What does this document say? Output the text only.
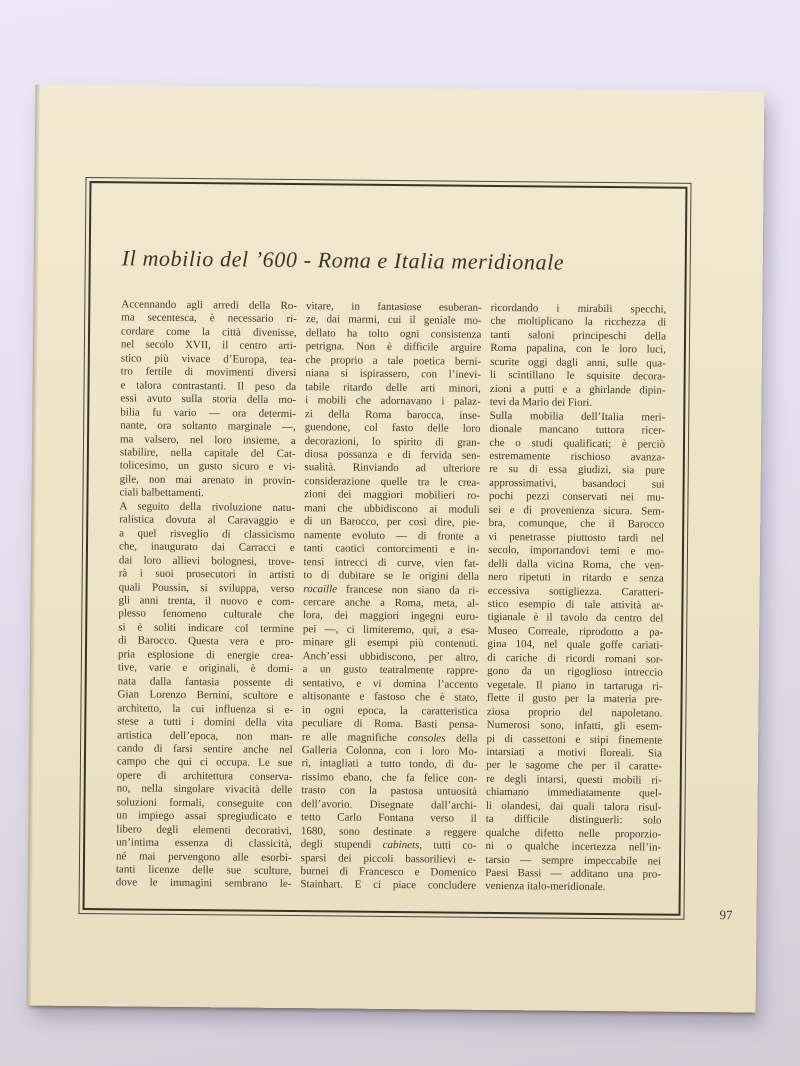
Il mobilio del ’600 - Roma e Italia meridionale
Accennando agli arredi della Ro-
ma secentesca, è necessario ri-
cordare come la città divenisse,
nel secolo XVII, il centro arti-
stico più vivace d’Europa, tea-
tro fertile di movimenti diversi
e talora contrastanti. Il peso da
essi avuto sulla storia della mo-
bilia fu vario — ora determi-
nante, ora soltanto marginale —,
ma valsero, nel loro insieme, a
stabilire, nella capitale del Cat-
tolicesimo, un gusto sicuro e vi-
gile, non mai arenato in provin-
ciali balbettamenti.
A seguito della rivoluzione natu-
ralistica dovuta al Caravaggio e
a quel risveglio di classicismo
che, inaugurato dai Carracci e
dai loro allievi bolognesi, trove-
rà i suoi prosecutori in artisti
quali Poussin, si sviluppa, verso
gli anni trenta, il nuovo e com-
plesso fenomeno culturale che
si è soliti indicare col termine
di Barocco. Questa vera e pro-
pria esplosione di energie crea-
tive, varie e originali, è domi-
nata dalla fantasia possente di
Gian Lorenzo Bernini, scultore e
architetto, la cui influenza si e-
stese a tutti i domini della vita
artistica dell’epoca, non man-
cando di farsi sentire anche nel
campo che qui ci occupa. Le sue
opere di architettura conserva-
no, nella singolare vivacità delle
soluzioni formali, conseguite con
un impiego assai spregiudicato e
libero degli elementi decorativi,
un’intima essenza di classicità,
né mai pervengono alle esorbi-
tanti licenze delle sue sculture,
dove le immagini sembrano le-
vitare, in fantasiose esuberan-
ze, dai marmi, cui il geniale mo-
dellato ha tolto ogni consistenza
petrigna. Non è difficile arguire
che proprio a tale poetica berni-
niana si ispirassero, con l’inevi-
tabile ritardo delle arti minori,
i mobili che adornavano i palaz-
zi della Roma barocca, inse-
guendone, col fasto delle loro
decorazioni, lo spirito di gran-
diosa possanza e di fervida sen-
sualità. Rinviando ad ulteriore
considerazione quelle tra le crea-
zioni dei maggiori mobilieri ro-
mani che ubbidiscono ai moduli
di un Barocco, per così dire, pie-
namente evoluto — di fronte a
tanti caotici contorcimenti e in-
tensi intrecci di curve, vien fat-
to di dubitare se le origini della
rocaille francese non siano da ri-
cercare anche a Roma, meta, al-
lora, dei maggiori ingegni euro-
pei —, ci limiteremo, qui, a esa-
minare gli esempi più contenuti.
Anch’essi ubbidiscono, per altro,
a un gusto teatralmente rappre-
sentativo, e vi domina l’accento
altisonante e fastoso che è stato,
in ogni epoca, la caratteristica
peculiare di Roma. Basti pensa-
re alle magnifiche consoles della
Galleria Colonna, con i loro Mo-
ri, intagliati a tutto tondo, di du-
rissimo ebano, che fa felice con-
trasto con la pastosa untuosità
dell’avorio. Disegnate dall’archi-
tetto Carlo Fontana verso il
1680, sono destinate a reggere
degli stupendi cabinets, tutti co-
sparsi dei piccoli bassorilievi e-
burnei di Francesco e Domenico
Stainhart. E ci piace concludere
ricordando i mirabili specchi,
che moltiplicano la ricchezza di
tanti saloni principeschi della
Roma papalina, con le loro luci,
scurite oggi dagli anni, sulle qua-
li scintillano le squisite decora-
zioni a putti e a ghirlande dipin-
tevi da Mario dei Fiori.
Sulla mobilia dell’Italia meri-
dionale mancano tuttora ricer-
che o studi qualificati; è perciò
estremamente rischioso avanza-
re su di essa giudizi, sia pure
approssimativi, basandoci sui
pochi pezzi conservati nei mu-
sei e di provenienza sicura. Sem-
bra, comunque, che il Barocco
vi penetrasse piuttosto tardi nel
secolo, importandovi temi e mo-
delli dalla vicina Roma, che ven-
nero ripetuti in ritardo e senza
eccessiva sottigliezza. Caratteri-
stico esempio di tale attività ar-
tigianale è il tavolo da centro del
Museo Correale, riprodotto a pa-
gina 104, nel quale goffe cariati-
di cariche di ricordi romani sor-
gono da un rigoglioso intreccio
vegetale. Il piano in tartaruga ri-
flette il gusto per la materia pre-
ziosa proprio del napoletano.
Numerosi sono, infatti, gli esem-
pi di cassettoni e stipi finemente
intarsiati a motivi floreali. Sia
per le sagome che per il caratte-
re degli intarsi, questi mobili ri-
chiamano immediatamente quel-
li olandesi, dai quali talora risul-
ta difficile distinguerli: solo
qualche difetto nelle proporzio-
ni o qualche incertezza nell’in-
tarsio — sempre impeccabile nei
Paesi Bassi — additano una pro-
venienza italo-meridionale.
97
